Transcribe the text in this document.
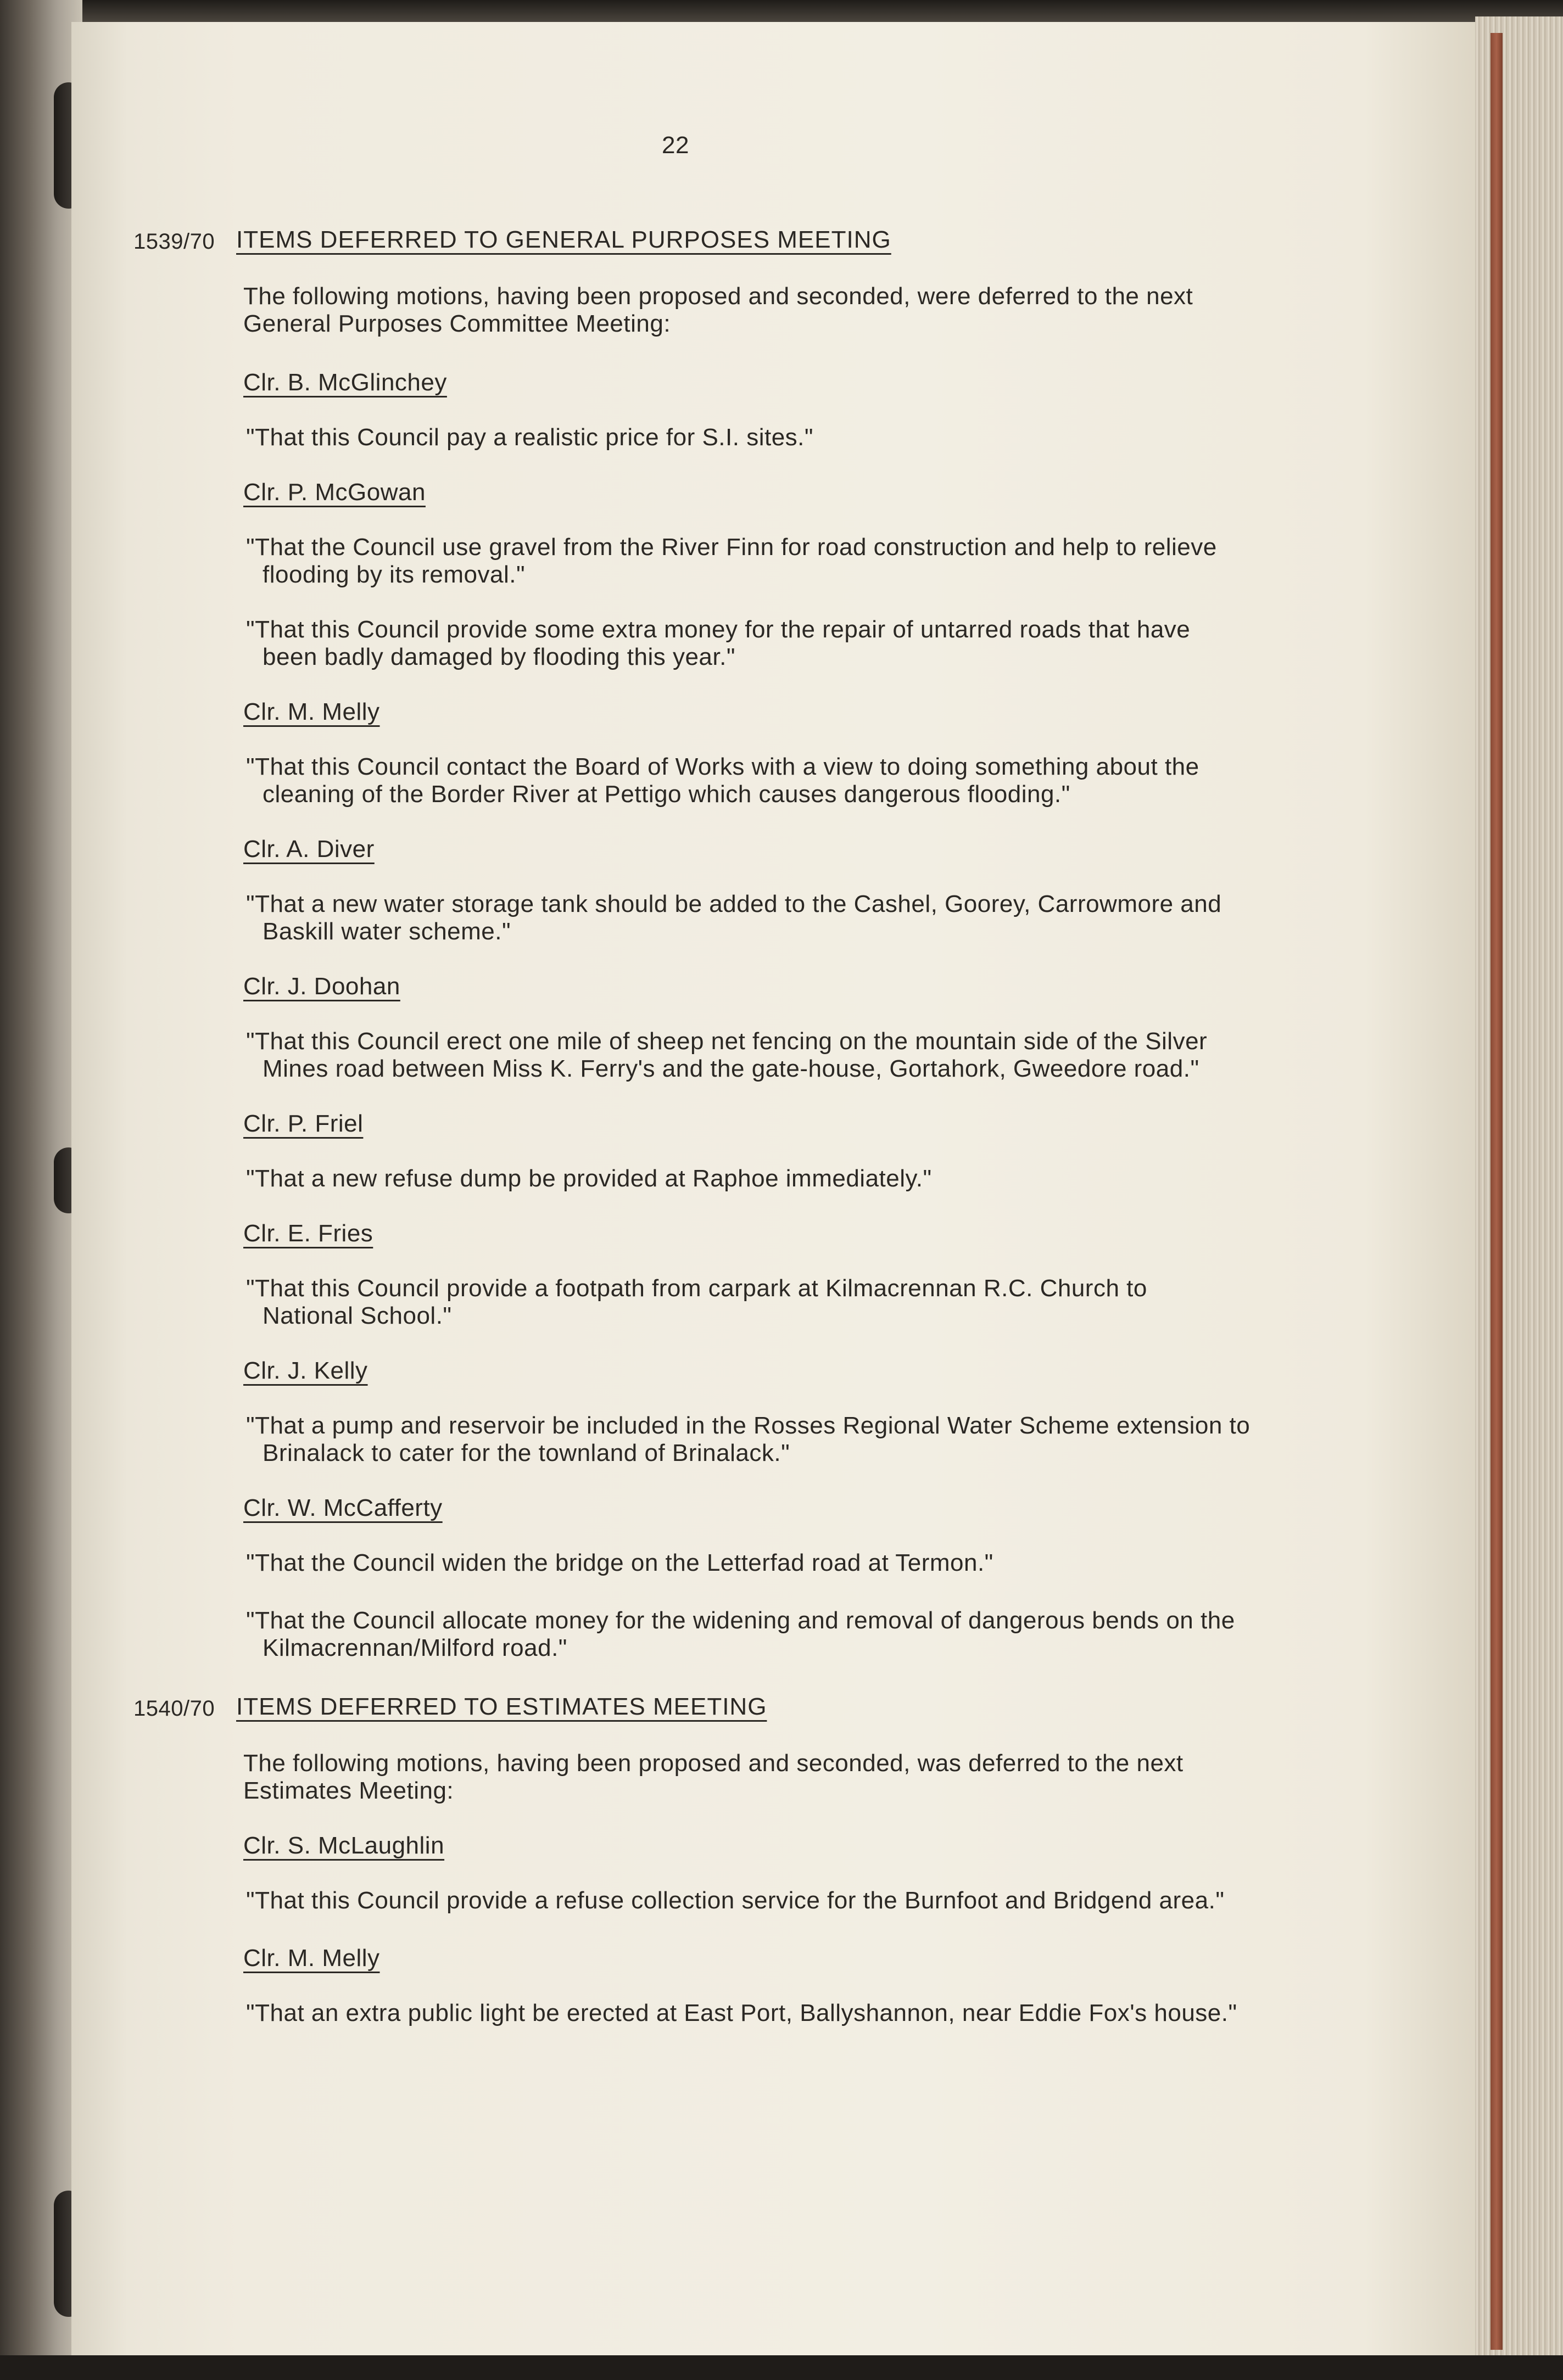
22
1539/70 ITEMS DEFERRED TO GENERAL PURPOSES MEETING
The following motions, having been proposed and seconded, were deferred to the next
General Purposes Committee Meeting:
Clr. B. McGlinchey
"That this Council pay a realistic price for S.I. sites."
Clr. P. McGowan
"That the Council use gravel from the River Finn for road construction and help to relieve
flooding by its removal."
"That this Council provide some extra money for the repair of untarred roads that have
been badly damaged by flooding this year."
Clr. M. Melly
"That this Council contact the Board of Works with a view to doing something about the
cleaning of the Border River at Pettigo which causes dangerous flooding."
Clr. A. Diver
"That a new water storage tank should be added to the Cashel, Goorey, Carrowmore and
Baskill water scheme."
Clr. J. Doohan
"That this Council erect one mile of sheep net fencing on the mountain side of the Silver
Mines road between Miss K. Ferry's and the gate-house, Gortahork, Gweedore road."
Clr. P. Friel
"That a new refuse dump be provided at Raphoe immediately."
Clr. E. Fries
"That this Council provide a footpath from carpark at Kilmacrennan R.C. Church to
National School."
Clr. J. Kelly
"That a pump and reservoir be included in the Rosses Regional Water Scheme extension to
Brinalack to cater for the townland of Brinalack."
Clr. W. McCafferty
"That the Council widen the bridge on the Letterfad road at Termon."
"That the Council allocate money for the widening and removal of dangerous bends on the
Kilmacrennan/Milford road."
1540/70 ITEMS DEFERRED TO ESTIMATES MEETING
The following motions, having been proposed and seconded, was deferred to the next
Estimates Meeting:
Clr. S. McLaughlin
"That this Council provide a refuse collection service for the Burnfoot and Bridgend area."
Clr. M. Melly
"That an extra public light be erected at East Port, Ballyshannon, near Eddie Fox's house."
